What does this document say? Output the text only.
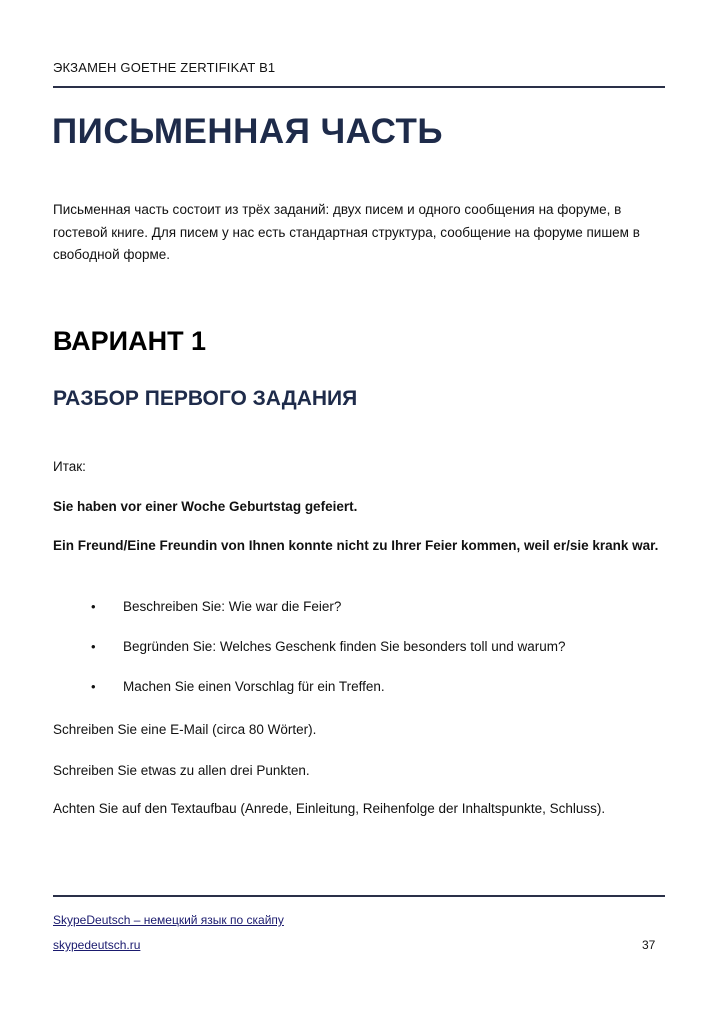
ЭКЗАМЕН GOETHE ZERTIFIKAT B1
ПИСЬМЕННАЯ ЧАСТЬ

Письменная часть состоит из трёх заданий: двух писем и одного сообщения на форуме, в гостевой книге. Для писем у нас есть стандартная структура, сообщение на форуме пишем в свободной форме.

ВАРИАНТ 1
РАЗБОР ПЕРВОГО ЗАДАНИЯ

Итак:

Sie haben vor einer Woche Geburtstag gefeiert.

Ein Freund/Eine Freundin von Ihnen konnte nicht zu Ihrer Feier kommen, weil er/sie krank war.

• Beschreiben Sie: Wie war die Feier?
• Begründen Sie: Welches Geschenk finden Sie besonders toll und warum?
• Machen Sie einen Vorschlag für ein Treffen.

Schreiben Sie eine E-Mail (circa 80 Wörter).

Schreiben Sie etwas zu allen drei Punkten.

Achten Sie auf den Textaufbau (Anrede, Einleitung, Reihenfolge der Inhaltspunkte, Schluss).

SkypeDeutsch – немецкий язык по скайпу
skypedeutsch.ru	37
